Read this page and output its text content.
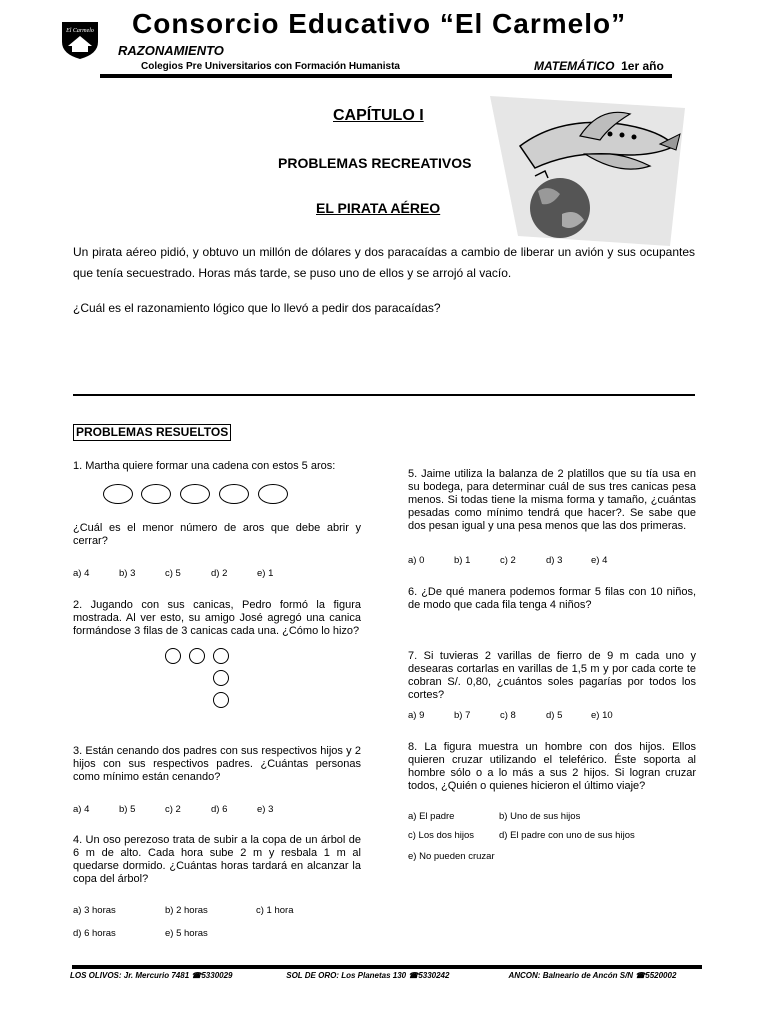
El Carmelo Consorcio Educativo “El Carmelo”
RAZONAMIENTO
Colegios Pre Universitarios con Formación Humanista	MATEMÁTICO 1er año
CAPÍTULO I
PROBLEMAS RECREATIVOS
EL PIRATA AÉREO
Un pirata aéreo pidió, y obtuvo un millón de dólares y dos paracaídas a cambio de liberar un avión y sus ocupantes que tenía secuestrado. Horas más tarde, se puso uno de ellos y se arrojó al vacío.
¿Cuál es el razonamiento lógico que lo llevó a pedir dos paracaídas?
PROBLEMAS RESUELTOS
1. Martha quiere formar una cadena con estos 5 aros:
¿Cuál es el menor número de aros que debe abrir y cerrar?
a) 4	b) 3	c) 5	d) 2	e) 1
2. Jugando con sus canicas, Pedro formó la figura mostrada. Al ver esto, su amigo José agregó una canica formándose 3 filas de 3 canicas cada una. ¿Cómo lo hizo?
3. Están cenando dos padres con sus respectivos hijos y 2 hijos con sus respectivos padres. ¿Cuántas personas como mínimo están cenando?
a) 4	b) 5	c) 2	d) 6	e) 3
4. Un oso perezoso trata de subir a la copa de un árbol de 6 m de alto. Cada hora sube 2 m y resbala 1 m al quedarse dormido. ¿Cuántas horas tardará en alcanzar la copa del árbol?
a) 3 horas	b) 2 horas	c) 1 hora
d) 6 horas	e) 5 horas
5. Jaime utiliza la balanza de 2 platillos que su tía usa en su bodega, para determinar cuál de sus tres canicas pesa menos. Si todas tiene la misma forma y tamaño, ¿cuántas pesadas como mínimo tendrá que hacer?. Se sabe que dos pesan igual y una pesa menos que las dos primeras.
a) 0	b) 1	c) 2	d) 3	e) 4
6. ¿De qué manera podemos formar 5 filas con 10 niños, de modo que cada fila tenga 4 niños?
7. Si tuvieras 2 varillas de fierro de 9 m cada uno y desearas cortarlas en varillas de 1,5 m y por cada corte te cobran S/. 0,80, ¿cuántos soles pagarías por todos los cortes?
a) 9	b) 7	c) 8	d) 5	e) 10
8. La figura muestra un hombre con dos hijos. Ellos quieren cruzar utilizando el teleférico. Éste soporta al hombre sólo o a lo más a sus 2 hijos. Si logran cruzar todos, ¿Quién o quienes hicieron el último viaje?
a) El padre	b) Uno de sus hijos
c) Los dos hijos	d) El padre con uno de sus hijos
e) No pueden cruzar
LOS OLIVOS: Jr. Mercurio 7481 ☎5330029	SOL DE ORO: Los Planetas 130 ☎5330242	ANCON: Balneario de Ancón S/N ☎5520002
